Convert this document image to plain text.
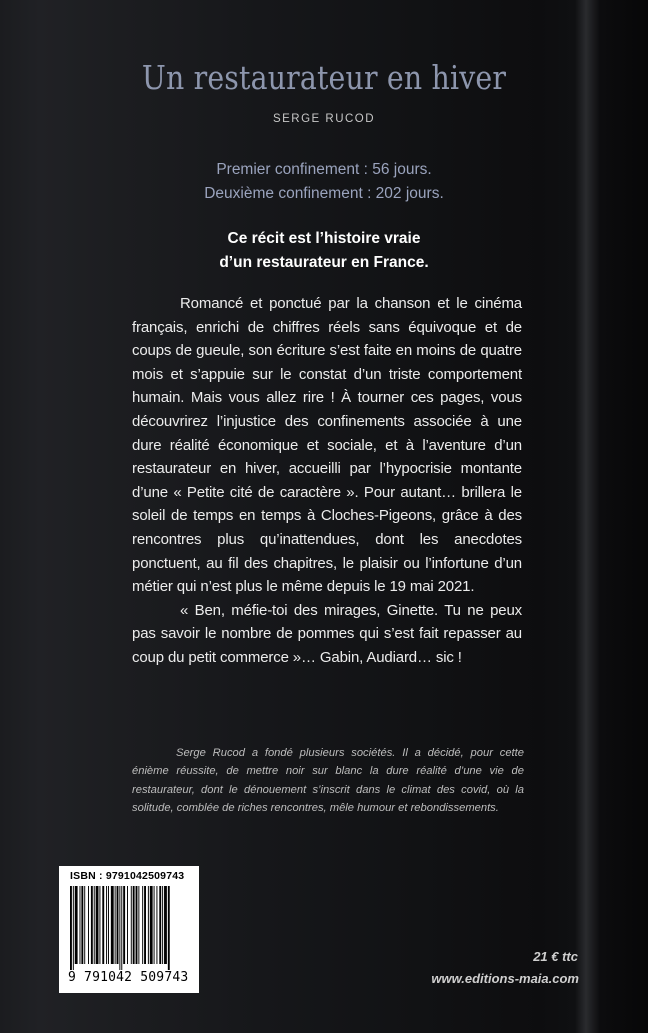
Un restaurateur en hiver
SERGE RUCOD
Premier confinement : 56 jours.
Deuxième confinement : 202 jours.
Ce récit est l’histoire vraie
d’un restaurateur en France.

Romancé et ponctué par la chanson et le cinéma français, enrichi de chiffres réels sans équivoque et de coups de gueule, son écriture s’est faite en moins de quatre mois et s’appuie sur le constat d’un triste comportement humain. Mais vous allez rire ! À tourner ces pages, vous découvrirez l’injustice des confinements associée à une dure réalité économique et sociale, et à l’aventure d’un restaurateur en hiver, accueilli par l’hypocrisie montante d’une « Petite cité de caractère ». Pour autant… brillera le soleil de temps en temps à Cloches-Pigeons, grâce à des rencontres plus qu’inattendues, dont les anecdotes ponctuent, au fil des chapitres, le plaisir ou l’infortune d’un métier qui n’est plus le même depuis le 19 mai 2021.

« Ben, méfie-toi des mirages, Ginette. Tu ne peux pas savoir le nombre de pommes qui s’est fait repasser au coup du petit commerce »… Gabin, Audiard… sic !

Serge Rucod a fondé plusieurs sociétés. Il a décidé, pour cette énième réussite, de mettre noir sur blanc la dure réalité d’une vie de restaurateur, dont le dénouement s’inscrit dans le climat des covid, où la solitude, comblée de riches rencontres, mêle humour et rebondissements.
ISBN : 9791042509743
9 791042 509743
21 € ttc
www.editions-maia.com
